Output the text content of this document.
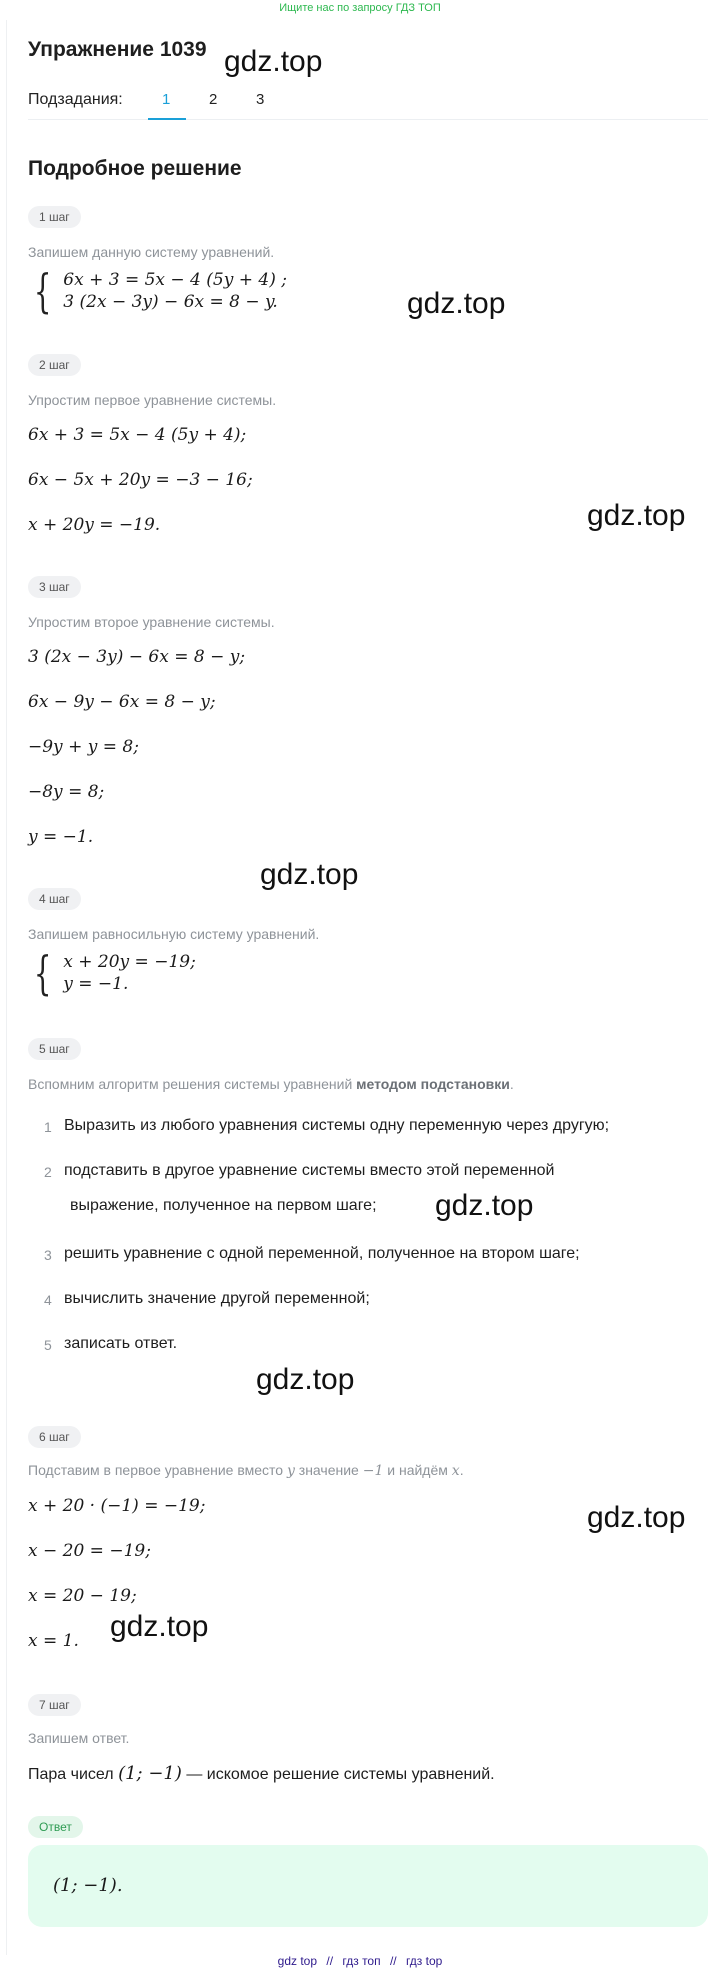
Ищите нас по запросу ГДЗ ТОП
Упражнение 1039 gdz.top
Подзадания:	1	2	3
Подробное решение
1 шаг
Запишем данную систему уравнений.
{ 6x + 3 = 5x − 4 (5y + 4) ;
3 (2x − 3y) − 6x = 8 − y.	gdz.top
2 шаг
Упростим первое уравнение системы.
6x + 3 = 5x − 4 (5y + 4);
6x − 5x + 20y = −3 − 16;
x + 20y = −19.	gdz.top
3 шаг
Упростим второе уравнение системы.
3 (2x − 3y) − 6x = 8 − y;
6x − 9y − 6x = 8 − y;
−9y + y = 8;
−8y = 8;
y = −1.
gdz.top
4 шаг
Запишем равносильную систему уравнений.
{ x + 20y = −19;
y = −1.
5 шаг
Вспомним алгоритм решения системы уравнений методом подстановки.
1 Выразить из любого уравнения системы одну переменную через другую;
2 подставить в другое уравнение системы вместо этой переменной
выражение, полученное на первом шаге; gdz.top
3 решить уравнение с одной переменной, полученное на втором шаге;
4 вычислить значение другой переменной;
5 записать ответ.
gdz.top
6 шаг
Подставим в первое уравнение вместо y значение −1 и найдём x.
x + 20 · (−1) = −19;
x − 20 = −19;
x = 20 − 19;
x = 1.
gdz.top
gdz.top
7 шаг
Запишем ответ.
Пара чисел (1; −1) — искомое решение системы уравнений.
Ответ
(1; −1).
gdz top // гдз топ // гдз top
